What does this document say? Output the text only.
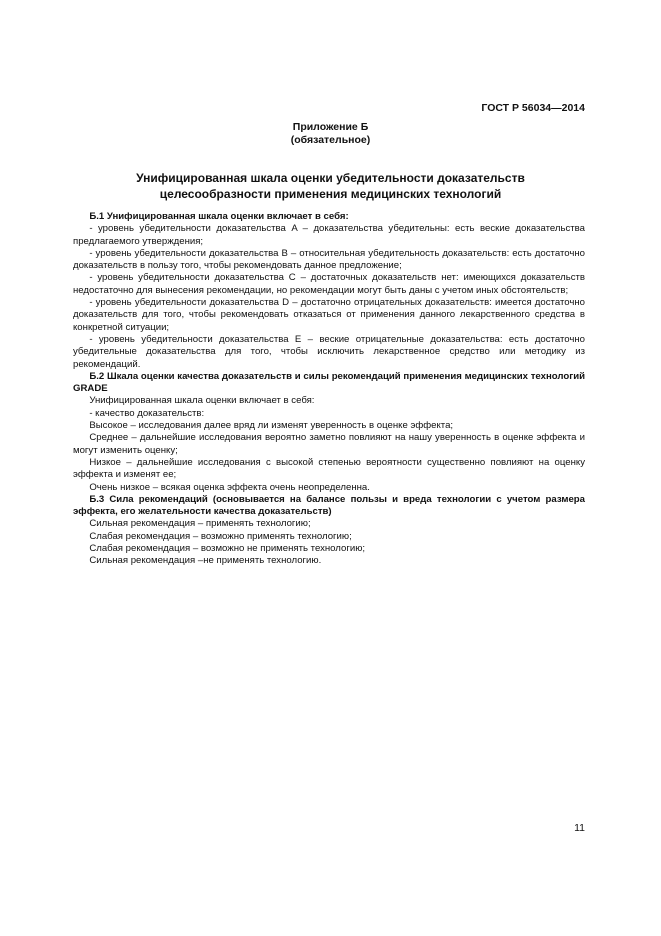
ГОСТ Р 56034—2014
Приложение Б
(обязательное)
Унифицированная шкала оценки убедительности доказательств
целесообразности применения медицинских технологий

Б.1 Унифицированная шкала оценки включает в себя:

- уровень убедительности доказательства A – доказательства убедительны: есть веские доказательства предлагаемого утверждения;

- уровень убедительности доказательства B – относительная убедительность доказательств: есть достаточно доказательств в пользу того, чтобы рекомендовать данное предложение;

- уровень убедительности доказательства C – достаточных доказательств нет: имеющихся доказательств недостаточно для вынесения рекомендации, но рекомендации могут быть даны с учетом иных обстоятельств;

- уровень убедительности доказательства D – достаточно отрицательных доказательств: имеется достаточно доказательств для того, чтобы рекомендовать отказаться от применения данного лекарственного средства в конкретной ситуации;

- уровень убедительности доказательства E – веские отрицательные доказательства: есть достаточно убедительные доказательства для того, чтобы исключить лекарственное средство или методику из рекомендаций.

Б.2 Шкала оценки качества доказательств и силы рекомендаций применения медицинских технологий GRADE

Унифицированная шкала оценки включает в себя:

- качество доказательств:

Высокое – исследования далее вряд ли изменят уверенность в оценке эффекта;

Среднее – дальнейшие исследования вероятно заметно повлияют на нашу уверенность в оценке эффекта и могут изменить оценку;

Низкое – дальнейшие исследования с высокой степенью вероятности существенно повлияют на оценку эффекта и изменят ее;

Очень низкое – всякая оценка эффекта очень неопределенна.

Б.3 Сила рекомендаций (основывается на балансе пользы и вреда технологии с учетом размера эффекта, его желательности качества доказательств)

Сильная рекомендация – применять технологию;

Слабая рекомендация – возможно применять технологию;

Слабая рекомендация – возможно не применять технологию;

Сильная рекомендация –не применять технологию.

11
